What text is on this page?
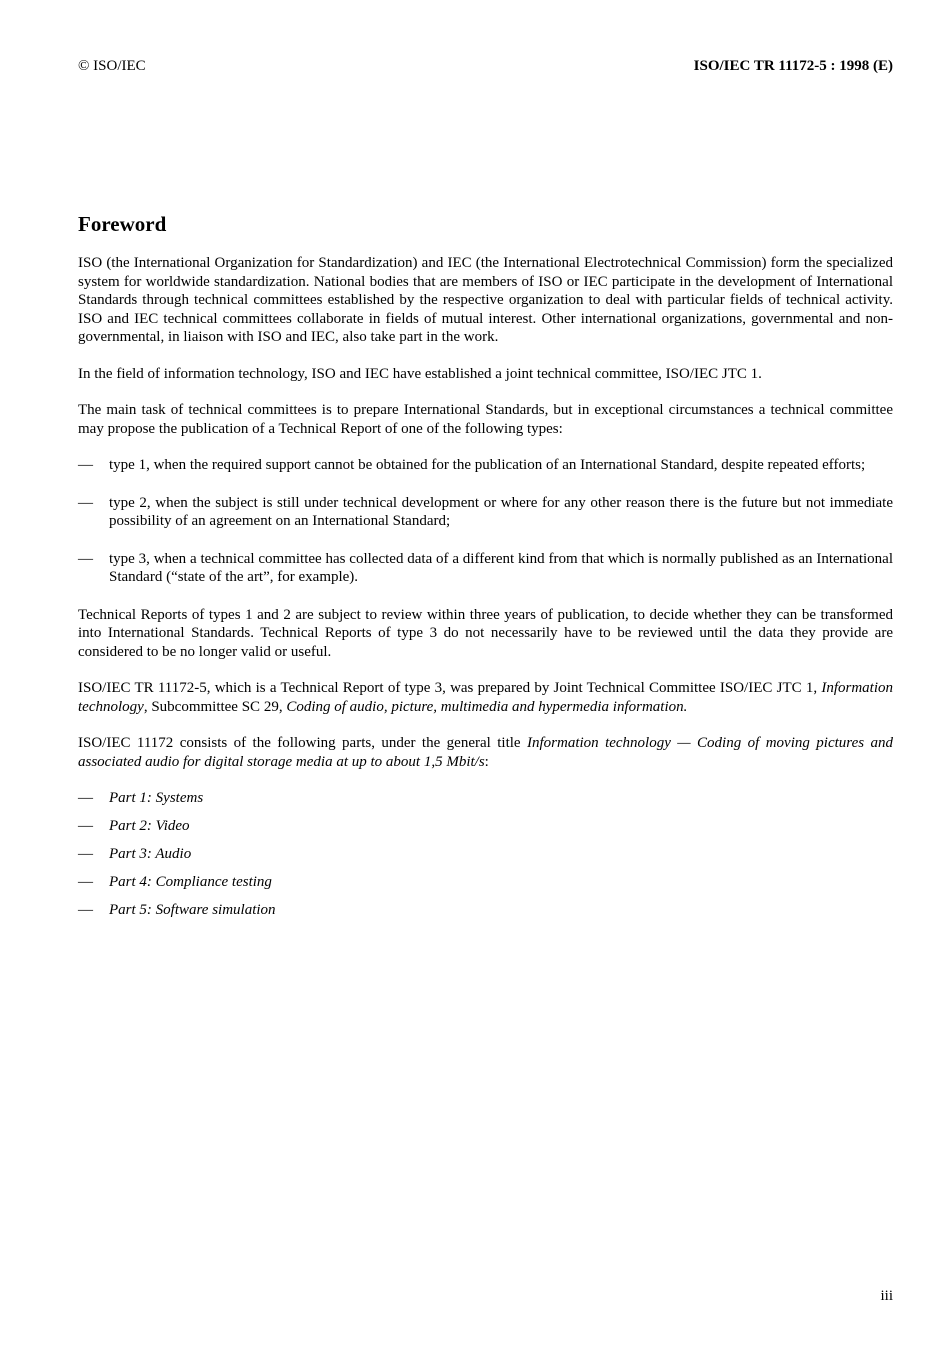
© ISO/IEC	ISO/IEC TR 11172-5 : 1998 (E)
Foreword

ISO (the International Organization for Standardization) and IEC (the International Electrotechnical Commission) form the specialized system for worldwide standardization. National bodies that are members of ISO or IEC participate in the development of International Standards through technical committees established by the respective organization to deal with particular fields of technical activity. ISO and IEC technical committees collaborate in fields of mutual interest. Other international organizations, governmental and non-governmental, in liaison with ISO and IEC, also take part in the work.

In the field of information technology, ISO and IEC have established a joint technical committee, ISO/IEC JTC 1.

The main task of technical committees is to prepare International Standards, but in exceptional circumstances a technical committee may propose the publication of a Technical Report of one of the following types:

— type 1, when the required support cannot be obtained for the publication of an International Standard, despite repeated efforts;
— type 2, when the subject is still under technical development or where for any other reason there is the future but not immediate possibility of an agreement on an International Standard;
— type 3, when a technical committee has collected data of a different kind from that which is normally published as an International Standard (“state of the art”, for example).

Technical Reports of types 1 and 2 are subject to review within three years of publication, to decide whether they can be transformed into International Standards. Technical Reports of type 3 do not necessarily have to be reviewed until the data they provide are considered to be no longer valid or useful.

ISO/IEC TR 11172-5, which is a Technical Report of type 3, was prepared by Joint Technical Committee ISO/IEC JTC 1, Information technology, Subcommittee SC 29, Coding of audio, picture, multimedia and hypermedia information.

ISO/IEC 11172 consists of the following parts, under the general title Information technology — Coding of moving pictures and associated audio for digital storage media at up to about 1,5 Mbit/s:

— Part 1: Systems
— Part 2: Video
— Part 3: Audio
— Part 4: Compliance testing
— Part 5: Software simulation
iii
